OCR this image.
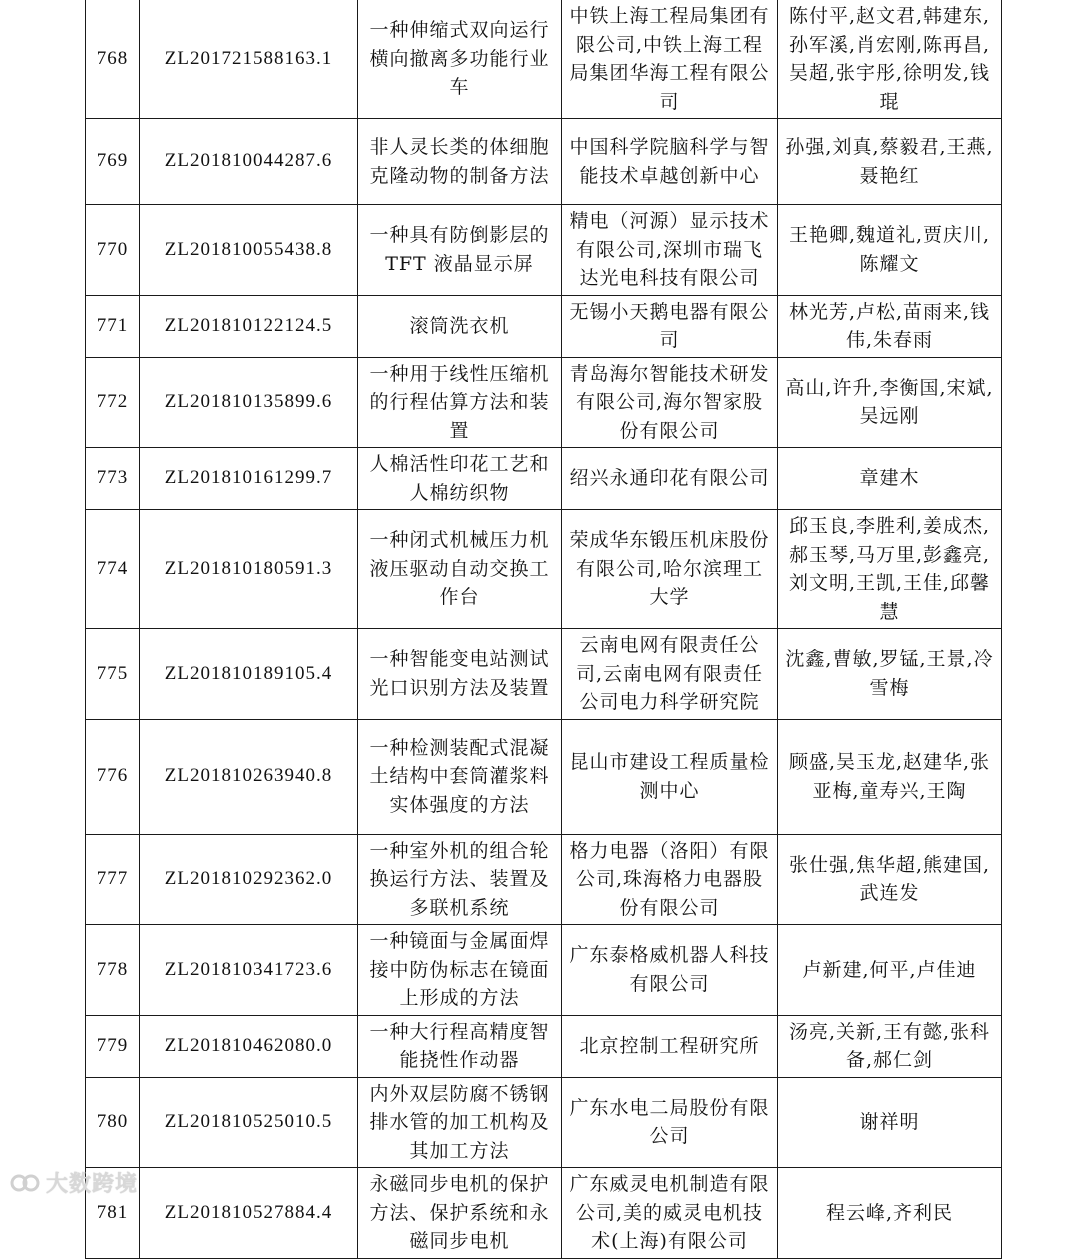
768	ZL201721588163.1	一种伸缩式双向运行横向撤离多功能行业车	中铁上海工程局集团有限公司,中铁上海工程局集团华海工程有限公司	陈付平,赵文君,韩建东,孙军溪,肖宏刚,陈再昌,吴超,张宇彤,徐明发,钱琨
769	ZL201810044287.6	非人灵长类的体细胞克隆动物的制备方法	中国科学院脑科学与智能技术卓越创新中心	孙强,刘真,蔡毅君,王燕,聂艳红
770	ZL201810055438.8	一种具有防倒影层的 TFT 液晶显示屏	精电（河源）显示技术有限公司,深圳市瑞飞达光电科技有限公司	王艳卿,魏道礼,贾庆川,陈耀文
771	ZL201810122124.5	滚筒洗衣机	无锡小天鹅电器有限公司	林光芳,卢松,苗雨来,钱伟,朱春雨
772	ZL201810135899.6	一种用于线性压缩机的行程估算方法和装置	青岛海尔智能技术研发有限公司,海尔智家股份有限公司	高山,许升,李衡国,宋斌,吴远刚
773	ZL201810161299.7	人棉活性印花工艺和人棉纺织物	绍兴永通印花有限公司	章建木
774	ZL201810180591.3	一种闭式机械压力机液压驱动自动交换工作台	荣成华东锻压机床股份有限公司,哈尔滨理工大学	邱玉良,李胜利,姜成杰,郝玉琴,马万里,彭鑫亮,刘文明,王凯,王佳,邱馨慧
775	ZL201810189105.4	一种智能变电站测试光口识别方法及装置	云南电网有限责任公司,云南电网有限责任公司电力科学研究院	沈鑫,曹敏,罗锰,王景,冷雪梅
776	ZL201810263940.8	一种检测装配式混凝土结构中套筒灌浆料实体强度的方法	昆山市建设工程质量检测中心	顾盛,吴玉龙,赵建华,张亚梅,童寿兴,王陶
777	ZL201810292362.0	一种室外机的组合轮换运行方法、装置及多联机系统	格力电器（洛阳）有限公司,珠海格力电器股份有限公司	张仕强,焦华超,熊建国,武连发
778	ZL201810341723.6	一种镜面与金属面焊接中防伪标志在镜面上形成的方法	广东泰格威机器人科技有限公司	卢新建,何平,卢佳迪
779	ZL201810462080.0	一种大行程高精度智能挠性作动器	北京控制工程研究所	汤亮,关新,王有懿,张科备,郝仁剑
780	ZL201810525010.5	内外双层防腐不锈钢排水管的加工机构及其加工方法	广东水电二局股份有限公司	谢祥明
781	ZL201810527884.4	永磁同步电机的保护方法、保护系统和永磁同步电机	广东威灵电机制造有限公司,美的威灵电机技术(上海)有限公司	程云峰,齐利民
大数跨境
